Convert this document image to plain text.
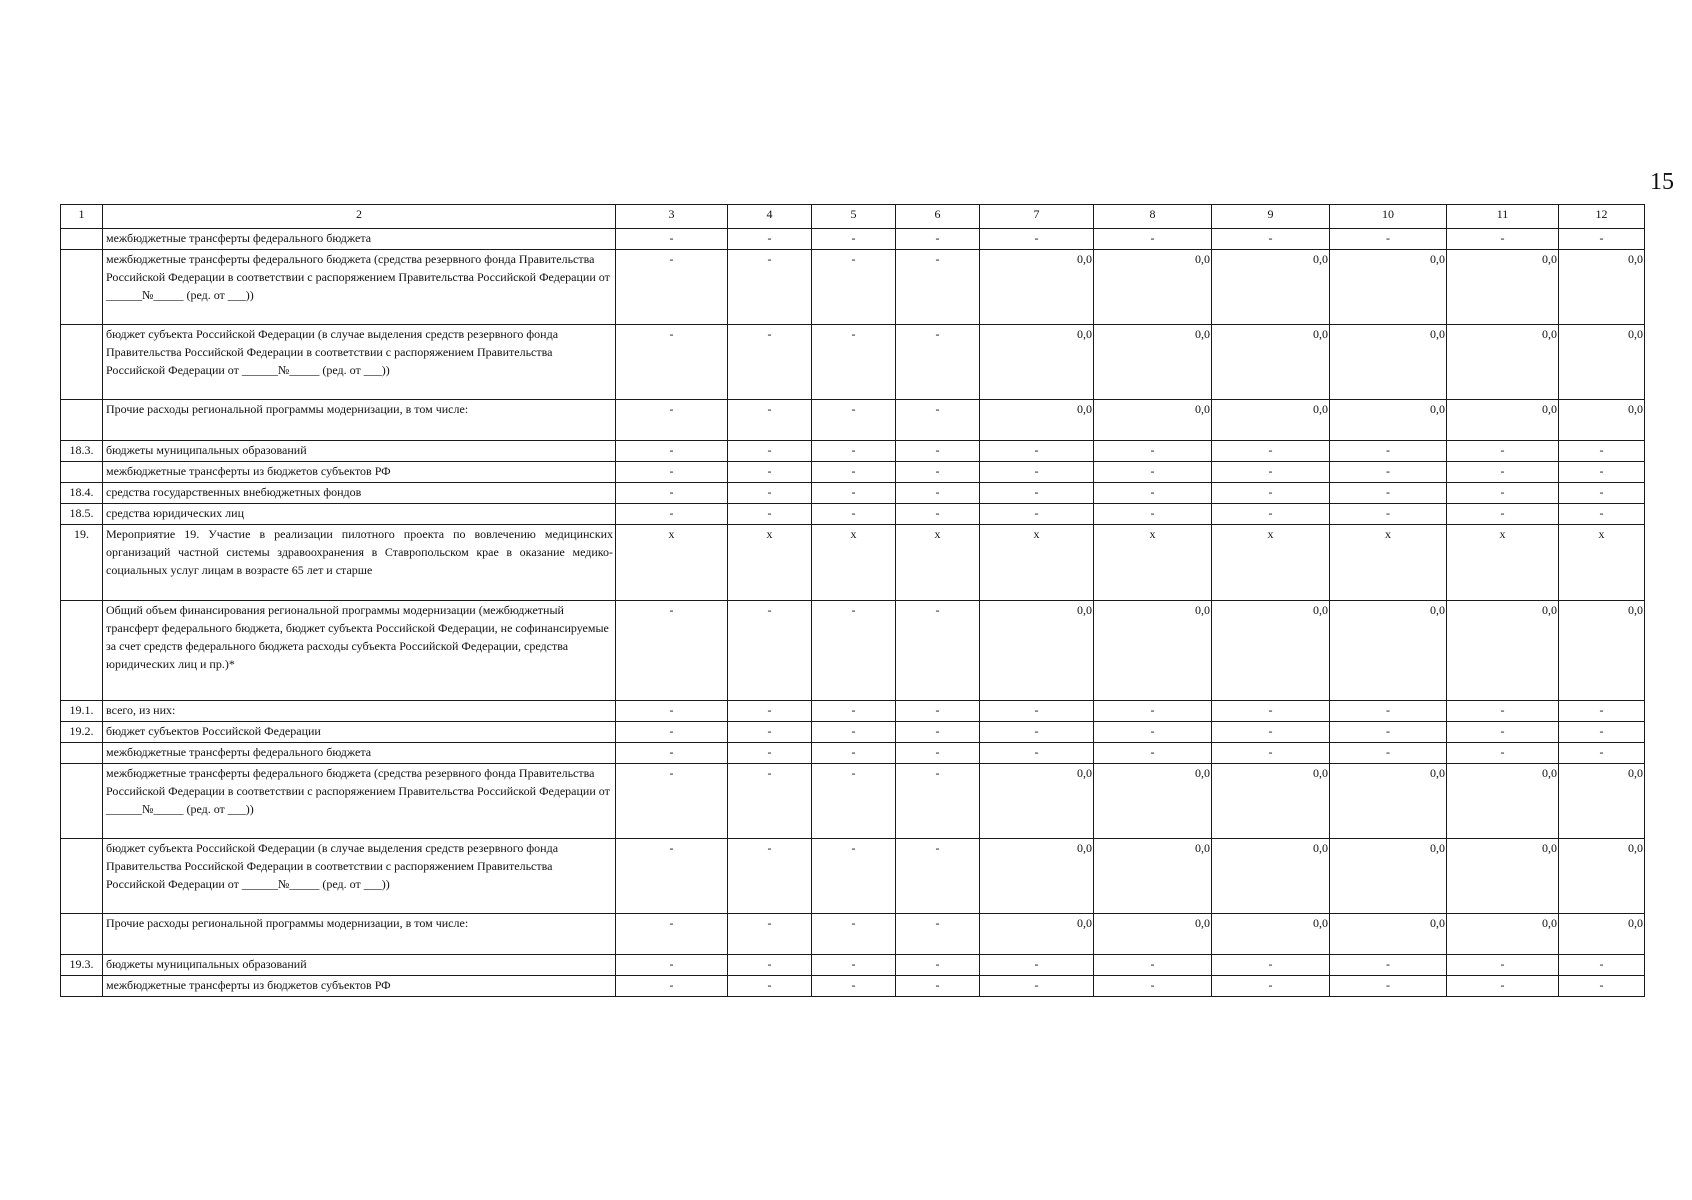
15
1	2	3	4	5	6	7	8	9	10	11	12
	межбюджетные трансферты федерального бюджета	-	-	-	-	-	-	-	-	-	-
	межбюджетные трансферты федерального бюджета (средства резервного фонда Правительства Российской Федерации в соответствии с распоряжением Правительства Российской Федерации от ______№_____ (ред. от ___))	-	-	-	-	0,0	0,0	0,0	0,0	0,0	0,0
	бюджет субъекта Российской Федерации (в случае выделения средств резервного фонда Правительства Российской Федерации в соответствии с распоряжением Правительства Российской Федерации от ______№_____ (ред. от ___))	-	-	-	-	0,0	0,0	0,0	0,0	0,0	0,0
	Прочие расходы региональной программы модернизации, в том числе:	-	-	-	-	0,0	0,0	0,0	0,0	0,0	0,0
18.3.	бюджеты муниципальных образований	-	-	-	-	-	-	-	-	-	-
	межбюджетные трансферты из бюджетов субъектов РФ	-	-	-	-	-	-	-	-	-	-
18.4.	средства государственных внебюджетных фондов	-	-	-	-	-	-	-	-	-	-
18.5.	средства юридических лиц	-	-	-	-	-	-	-	-	-	-
19.	Мероприятие 19. Участие в реализации пилотного проекта по вовлечению медицинских организаций частной системы здравоохранения в Ставропольском крае в оказание медико-социальных услуг лицам в возрасте 65 лет и старше	x	x	x	x	x	x	x	x	x	x
	Общий объем финансирования региональной программы модернизации (межбюджетный трансферт федерального бюджета, бюджет субъекта Российской Федерации, не софинансируемые за счет средств федерального бюджета расходы субъекта Российской Федерации, средства юридических лиц и пр.)*	-	-	-	-	0,0	0,0	0,0	0,0	0,0	0,0
19.1.	всего, из них:	-	-	-	-	-	-	-	-	-	-
19.2.	бюджет субъектов Российской Федерации	-	-	-	-	-	-	-	-	-	-
	межбюджетные трансферты федерального бюджета	-	-	-	-	-	-	-	-	-	-
	межбюджетные трансферты федерального бюджета (средства резервного фонда Правительства Российской Федерации в соответствии с распоряжением Правительства Российской Федерации от ______№_____ (ред. от ___))	-	-	-	-	0,0	0,0	0,0	0,0	0,0	0,0
	бюджет субъекта Российской Федерации (в случае выделения средств резервного фонда Правительства Российской Федерации в соответствии с распоряжением Правительства Российской Федерации от ______№_____ (ред. от ___))	-	-	-	-	0,0	0,0	0,0	0,0	0,0	0,0
	Прочие расходы региональной программы модернизации, в том числе:	-	-	-	-	0,0	0,0	0,0	0,0	0,0	0,0
19.3.	бюджеты муниципальных образований	-	-	-	-	-	-	-	-	-	-
	межбюджетные трансферты из бюджетов субъектов РФ	-	-	-	-	-	-	-	-	-	-
